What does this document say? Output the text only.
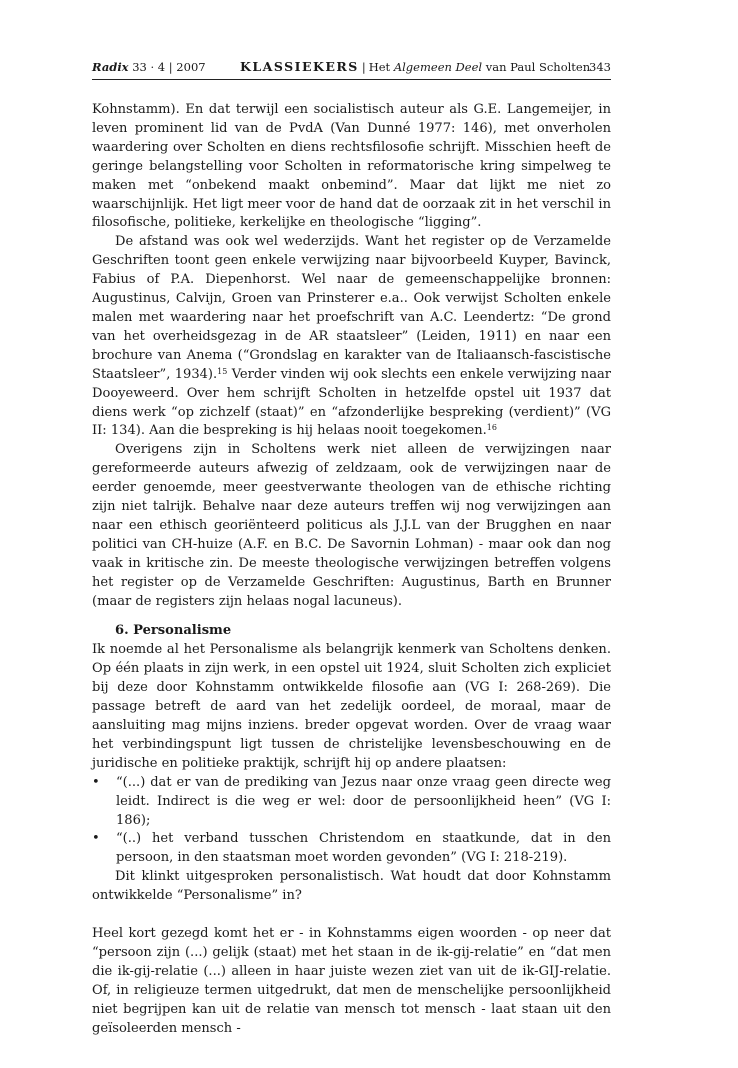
Radix 33 · 4 | 2007	KLASSIEKERS | Het Algemeen Deel van Paul Scholten
343

Kohnstamm). En dat terwijl een socialistisch auteur als G.E. Langemeijer, in leven prominent lid van de PvdA (Van Dunné 1977: 146), met onverholen waardering over Scholten en diens rechtsfilosofie schrijft. Misschien heeft de geringe belangstelling voor Scholten in reformatorische kring simpelweg te maken met “onbekend maakt onbemind”. Maar dat lijkt me niet zo waarschijnlijk. Het ligt meer voor de hand dat de oorzaak zit in het verschil in filosofische, politieke, kerkelijke en theologische “ligging”.

De afstand was ook wel wederzijds. Want het register op de Verzamelde Geschriften toont geen enkele verwijzing naar bijvoorbeeld Kuyper, Bavinck, Fabius of P.A. Diepenhorst. Wel naar de gemeenschappelijke bronnen: Augustinus, Calvijn, Groen van Prinsterer e.a.. Ook verwijst Scholten enkele malen met waardering naar het proefschrift van A.C. Leendertz: “De grond van het overheidsgezag in de AR staatsleer” (Leiden, 1911) en naar een brochure van Anema (“Grondslag en karakter van de Italiaansch-fascistische Staatsleer”, 1934).$^{15}$ Verder vinden wij ook slechts een enkele verwijzing naar Dooyeweerd. Over hem schrijft Scholten in hetzelfde opstel uit 1937 dat diens werk “op zichzelf (staat)” en “afzonderlijke bespreking (verdient)” (VG II: 134). Aan die bespreking is hij helaas nooit toegekomen.$^{16}$

Overigens zijn in Scholtens werk niet alleen de verwijzingen naar gereformeerde auteurs afwezig of zeldzaam, ook de verwijzingen naar de eerder genoemde, meer geestverwante theologen van de ethische richting zijn niet talrijk. Behalve naar deze auteurs treffen wij nog verwijzingen aan naar een ethisch georiënteerd politicus als J.J.L van der Brugghen en naar politici van CH-huize (A.F. en B.C. De Savornin Lohman) - maar ook dan nog vaak in kritische zin. De meeste theologische verwijzingen betreffen volgens het register op de Verzamelde Geschriften: Augustinus, Barth en Brunner (maar de registers zijn helaas nogal lacuneus).

6. Personalisme

Ik noemde al het Personalisme als belangrijk kenmerk van Scholtens denken. Op één plaats in zijn werk, in een opstel uit 1924, sluit Scholten zich expliciet bij deze door Kohnstamm ontwikkelde filosofie aan (VG I: 268-269). Die passage betreft de aard van het zedelijk oordeel, de moraal, maar de aansluiting mag mijns inziens. breder opgevat worden. Over de vraag waar het verbindingspunt ligt tussen de christelijke levensbeschouwing en de juridische en politieke praktijk, schrijft hij op andere plaatsen:

• “(...) dat er van de prediking van Jezus naar onze vraag geen directe weg leidt. Indirect is die weg er wel: door de persoonlijkheid heen” (VG I: 186);
• “(..) het verband tusschen Christendom en staatkunde, dat in den persoon, in den staatsman moet worden gevonden” (VG I: 218-219).

Dit klinkt uitgesproken personalistisch. Wat houdt dat door Kohnstamm ontwikkelde “Personalisme” in?

Heel kort gezegd komt het er - in Kohnstamms eigen woorden - op neer dat “persoon zijn (...) gelijk (staat) met het staan in de ik-gij-relatie” en “dat men die ik-gij-relatie (...) alleen in haar juiste wezen ziet van uit de ik-GIJ-relatie. Of, in religieuze termen uitgedrukt, dat men de menschelijke persoonlijkheid niet begrijpen kan uit de relatie van mensch tot mensch - laat staan uit den geïsoleerden mensch -
